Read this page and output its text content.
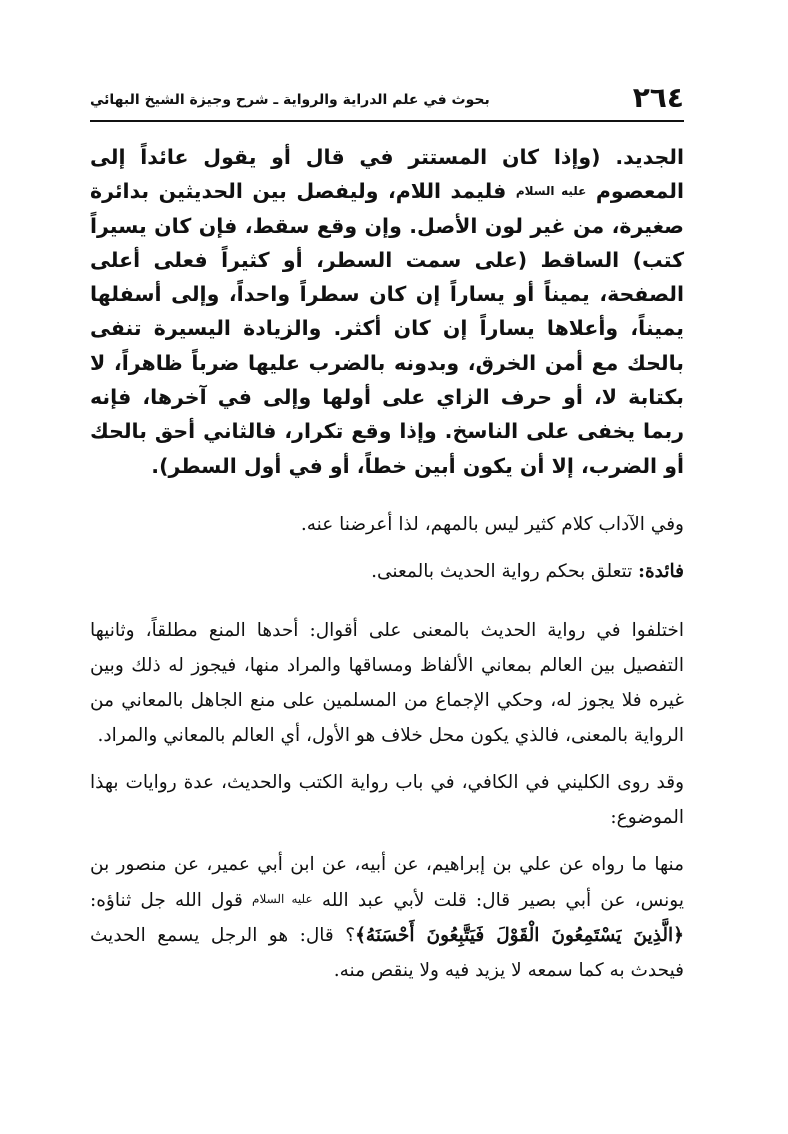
٢٦٤
بحوث في علم الدراية والرواية ـ شرح وجيزة الشيخ البهائي

الجديد. (وإذا كان المستتر في قال أو يقول عائداً إلى المعصوم عليه السلام فليمد اللام، وليفصل بين الحديثين بدائرة صغيرة، من غير لون الأصل. وإن وقع سقط، فإن كان يسيراً كتب) الساقط (على سمت السطر، أو كثيراً فعلى أعلى الصفحة، يميناً أو يساراً إن كان سطراً واحداً، وإلى أسفلها يميناً، وأعلاها يساراً إن كان أكثر. والزيادة اليسيرة تنفى بالحك مع أمن الخرق، وبدونه بالضرب عليها ضرباً ظاهراً، لا بكتابة لا، أو حرف الزاي على أولها وإلى في آخرها، فإنه ربما يخفى على الناسخ. وإذا وقع تكرار، فالثاني أحق بالحك أو الضرب، إلا أن يكون أبين خطاً، أو في أول السطر).

وفي الآداب كلام كثير ليس بالمهم، لذا أعرضنا عنه.

فائدة: تتعلق بحكم رواية الحديث بالمعنى.

اختلفوا في رواية الحديث بالمعنى على أقوال: أحدها المنع مطلقاً، وثانيها التفصيل بين العالم بمعاني الألفاظ ومساقها والمراد منها، فيجوز له ذلك وبين غيره فلا يجوز له، وحكي الإجماع من المسلمين على منع الجاهل بالمعاني من الرواية بالمعنى، فالذي يكون محل خلاف هو الأول، أي العالم بالمعاني والمراد.

وقد روى الكليني في الكافي، في باب رواية الكتب والحديث، عدة روايات بهذا الموضوع:

منها ما رواه عن علي بن إبراهيم، عن أبيه، عن ابن أبي عمير، عن منصور بن يونس، عن أبي بصير قال: قلت لأبي عبد الله عليه السلام قول الله جل ثناؤه: ﴿الَّذِينَ يَسْتَمِعُونَ الْقَوْلَ فَيَتَّبِعُونَ أَحْسَنَهُ﴾؟ قال: هو الرجل يسمع الحديث فيحدث به كما سمعه لا يزيد فيه ولا ينقص منه.
